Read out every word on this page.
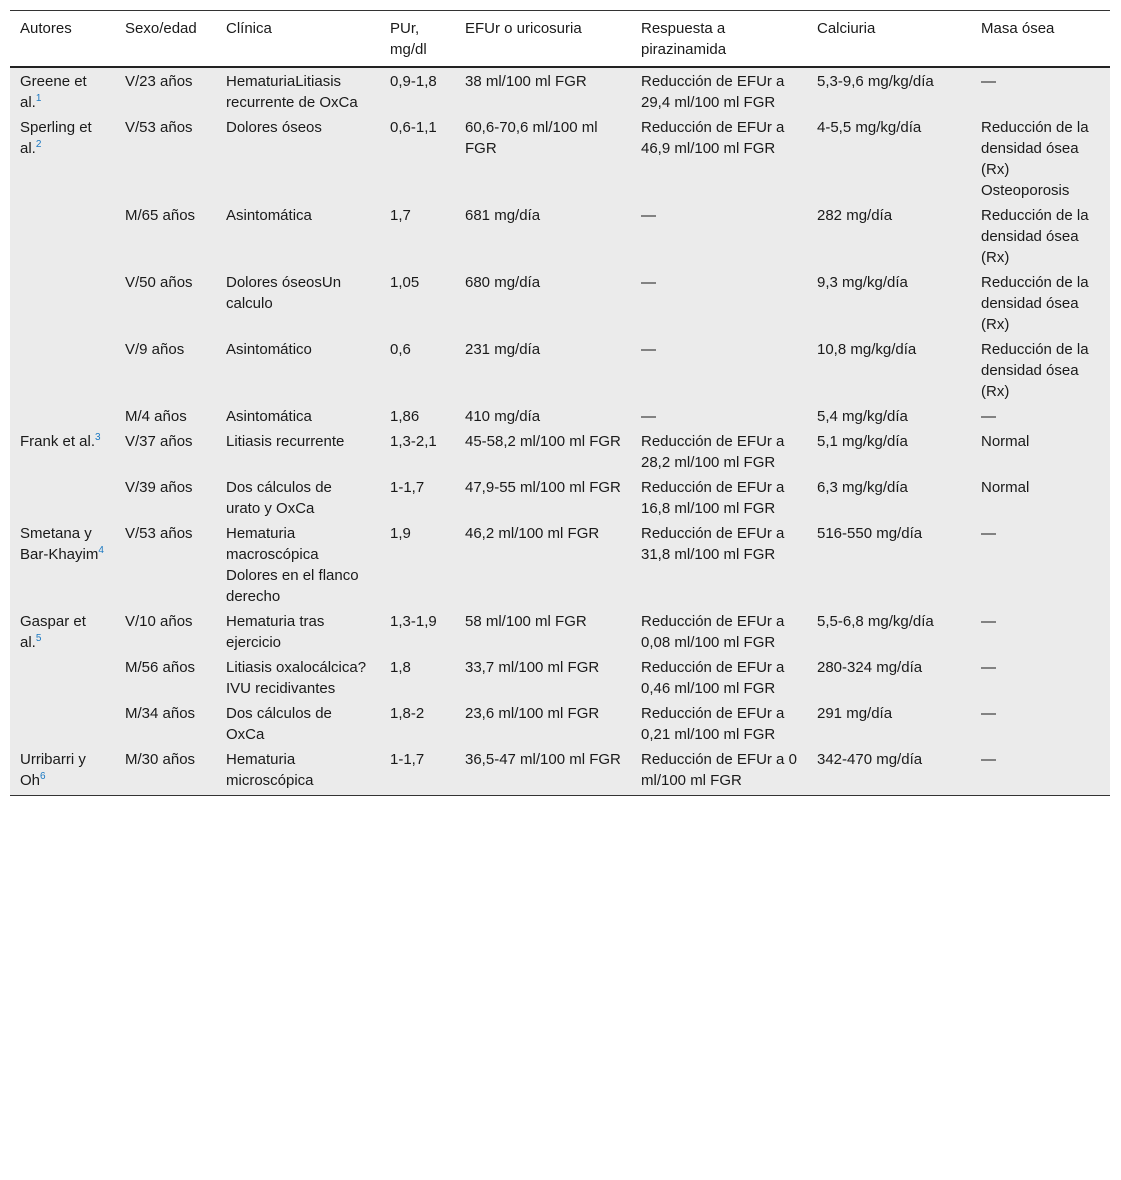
Autores	Sexo/edad	Clínica	PUr, mg/dl	EFUr o uricosuria	Respuesta a pirazinamida	Calciuria	Masa ósea
Greene et al.$^1$	V/23 años	HematuriaLitiasis recurrente de OxCa	0,9-1,8	38 ml/100 ml FGR	Reducción de EFUr a 29,4 ml/100 ml FGR	5,3-9,6 mg/kg/día	—
Sperling et al.$^2$	V/53 años	Dolores óseos	0,6-1,1	60,6-70,6 ml/100 ml FGR	Reducción de EFUr a 46,9 ml/100 ml FGR	4-5,5 mg/kg/día	Reducción de la densidad ósea (Rx) Osteoporosis
	M/65 años	Asintomática	1,7	681 mg/día	—	282 mg/día	Reducción de la densidad ósea (Rx)
	V/50 años	Dolores óseosUn calculo	1,05	680 mg/día	—	9,3 mg/kg/día	Reducción de la densidad ósea (Rx)
	V/9 años	Asintomático	0,6	231 mg/día	—	10,8 mg/kg/día	Reducción de la densidad ósea (Rx)
	M/4 años	Asintomática	1,86	410 mg/día	—	5,4 mg/kg/día	—
Frank et al.$^3$	V/37 años	Litiasis recurrente	1,3-2,1	45-58,2 ml/100 ml FGR	Reducción de EFUr a 28,2 ml/100 ml FGR	5,1 mg/kg/día	Normal
	V/39 años	Dos cálculos de urato y OxCa	1-1,7	47,9-55 ml/100 ml FGR	Reducción de EFUr a 16,8 ml/100 ml FGR	6,3 mg/kg/día	Normal
Smetana y Bar-Khayim$^4$	V/53 años	Hematuria macroscópica Dolores en el flanco derecho	1,9	46,2 ml/100 ml FGR	Reducción de EFUr a 31,8 ml/100 ml FGR	516-550 mg/día	—
Gaspar et al.$^5$	V/10 años	Hematuria tras ejercicio	1,3-1,9	58 ml/100 ml FGR	Reducción de EFUr a 0,08 ml/100 ml FGR	5,5-6,8 mg/kg/día	—
	M/56 años	Litiasis oxalocálcica? IVU recidivantes	1,8	33,7 ml/100 ml FGR	Reducción de EFUr a 0,46 ml/100 ml FGR	280-324 mg/día	—
	M/34 años	Dos cálculos de OxCa	1,8-2	23,6 ml/100 ml FGR	Reducción de EFUr a 0,21 ml/100 ml FGR	291 mg/día	—
Urribarri y Oh$^6$	M/30 años	Hematuria microscópica	1-1,7	36,5-47 ml/100 ml FGR	Reducción de EFUr a 0 ml/100 ml FGR	342-470 mg/día	—
